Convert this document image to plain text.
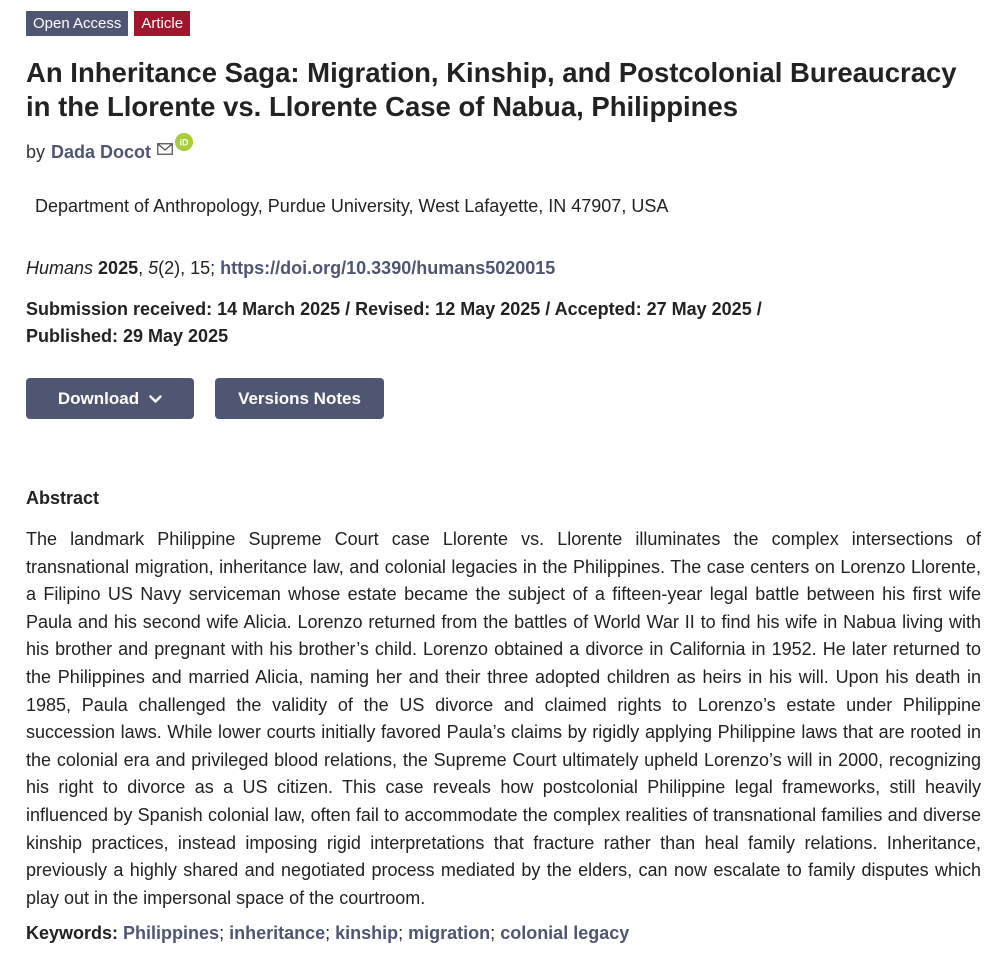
Open Access	Article
An Inheritance Saga: Migration, Kinship, and Postcolonial Bureaucracy in the Llorente vs. Llorente Case of Nabua, Philippines
by Dada Docot	iD
Department of Anthropology, Purdue University, West Lafayette, IN 47907, USA
Humans 2025, 5(2), 15; https://doi.org/10.3390/humans5020015
Submission received: 14 March 2025 / Revised: 12 May 2025 / Accepted: 27 May 2025 /
Published: 29 May 2025
Download	Versions Notes
Abstract

The landmark Philippine Supreme Court case Llorente vs. Llorente illuminates the complex intersections of transnational migration, inheritance law, and colonial legacies in the Philippines. The case centers on Lorenzo Llorente, a Filipino US Navy serviceman whose estate became the subject of a fifteen-year legal battle between his first wife Paula and his second wife Alicia. Lorenzo returned from the battles of World War II to find his wife in Nabua living with his brother and pregnant with his brother’s child. Lorenzo obtained a divorce in California in 1952. He later returned to the Philippines and married Alicia, naming her and their three adopted children as heirs in his will. Upon his death in 1985, Paula challenged the validity of the US divorce and claimed rights to Lorenzo’s estate under Philippine succession laws. While lower courts initially favored Paula’s claims by rigidly applying Philippine laws that are rooted in the colonial era and privileged blood relations, the Supreme Court ultimately upheld Lorenzo’s will in 2000, recognizing his right to divorce as a US citizen. This case reveals how postcolonial Philippine legal frameworks, still heavily influenced by Spanish colonial law, often fail to accommodate the complex realities of transnational families and diverse kinship practices, instead imposing rigid interpretations that fracture rather than heal family relations. Inheritance, previously a highly shared and negotiated process mediated by the elders, can now escalate to family disputes which play out in the impersonal space of the courtroom.

Keywords: Philippines; inheritance; kinship; migration; colonial legacy
